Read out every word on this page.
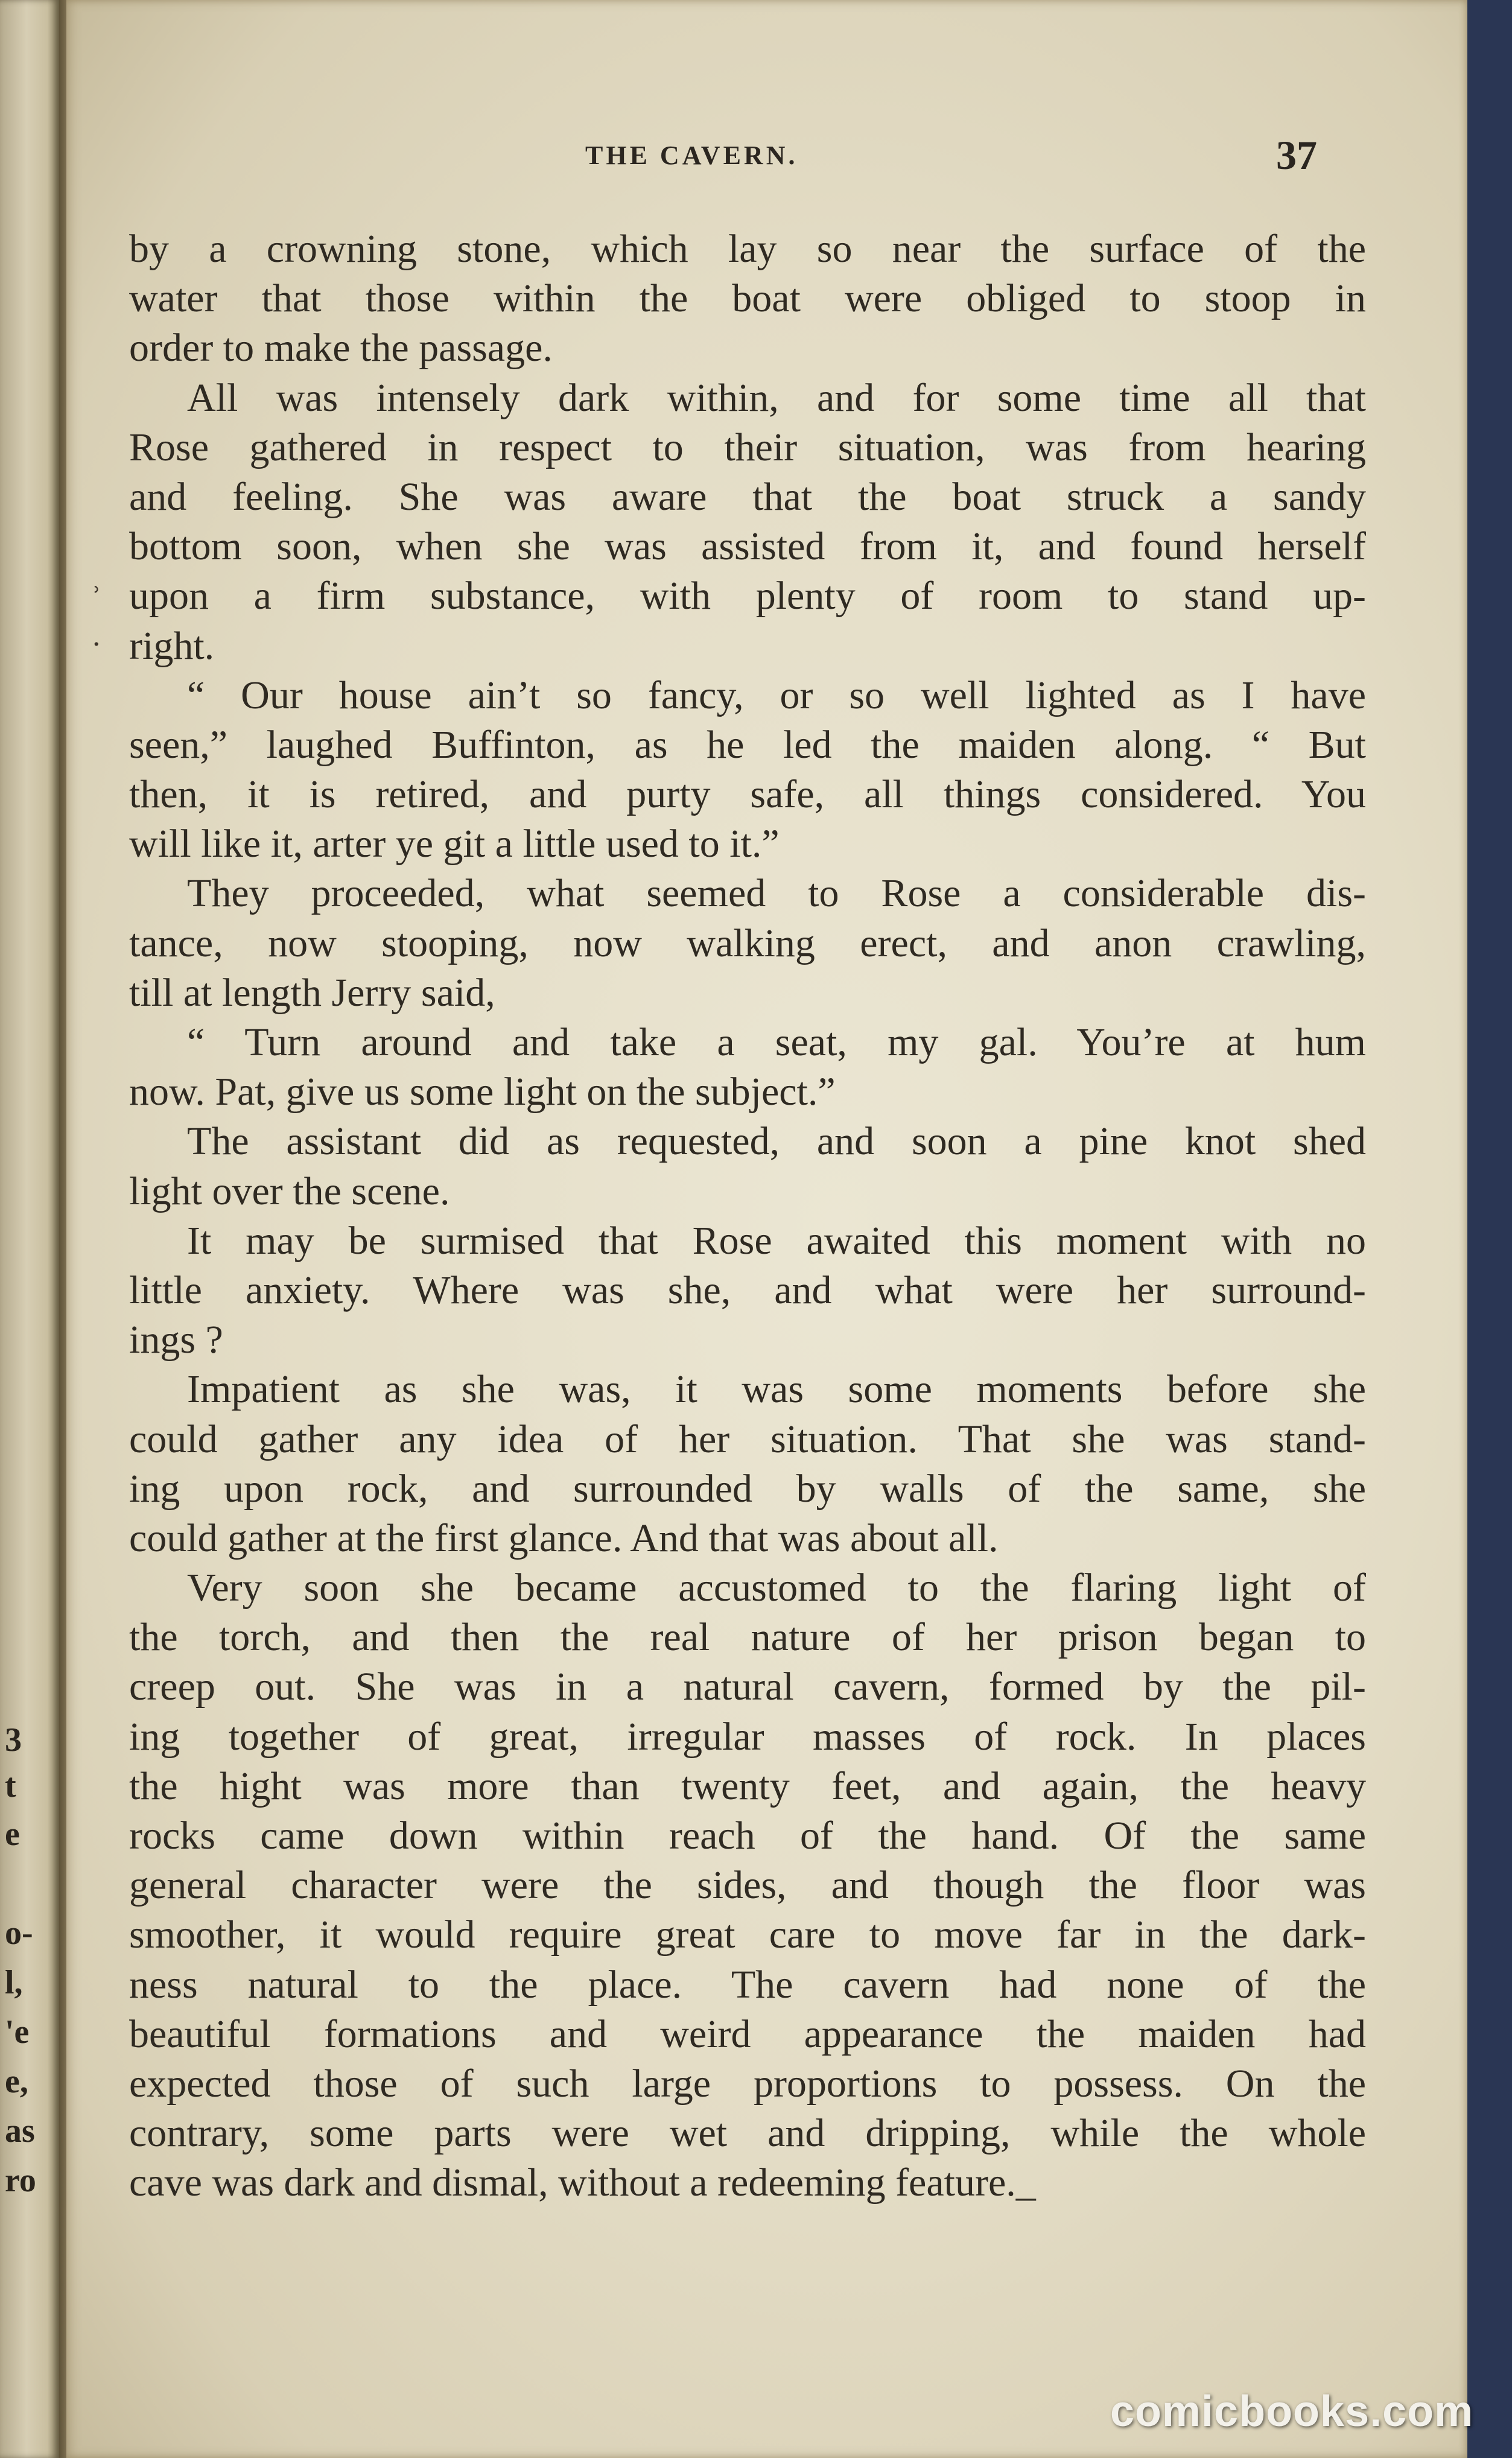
3
t
e
o-
l,
'e
e,
as
ro
THE CAVERN.	37
ʾ
˙
by a crowning stone, which lay so near the surface of the
water that those within the boat were obliged to stoop in
order to make the passage.
All was intensely dark within, and for some time all that
Rose gathered in respect to their situation, was from hearing
and feeling. She was aware that the boat struck a sandy
bottom soon, when she was assisted from it, and found herself
upon a firm substance, with plenty of room to stand up-
right.
“ Our house ain’t so fancy, or so well lighted as I have
seen,” laughed Buffinton, as he led the maiden along. “ But
then, it is retired, and purty safe, all things considered. You
will like it, arter ye git a little used to it.”
They proceeded, what seemed to Rose a considerable dis-
tance, now stooping, now walking erect, and anon crawling,
till at length Jerry said,
“ Turn around and take a seat, my gal. You’re at hum
now. Pat, give us some light on the subject.”
The assistant did as requested, and soon a pine knot shed
light over the scene.
It may be surmised that Rose awaited this moment with no
little anxiety. Where was she, and what were her surround-
ings ?
Impatient as she was, it was some moments before she
could gather any idea of her situation. That she was stand-
ing upon rock, and surrounded by walls of the same, she
could gather at the first glance. And that was about all.
Very soon she became accustomed to the flaring light of
the torch, and then the real nature of her prison began to
creep out. She was in a natural cavern, formed by the pil-
ing together of great, irregular masses of rock. In places
the hight was more than twenty feet, and again, the heavy
rocks came down within reach of the hand. Of the same
general character were the sides, and though the floor was
smoother, it would require great care to move far in the dark-
ness natural to the place. The cavern had none of the
beautiful formations and weird appearance the maiden had
expected those of such large proportions to possess. On the
contrary, some parts were wet and dripping, while the whole
cave was dark and dismal, without a redeeming feature._
comicbooks.com
